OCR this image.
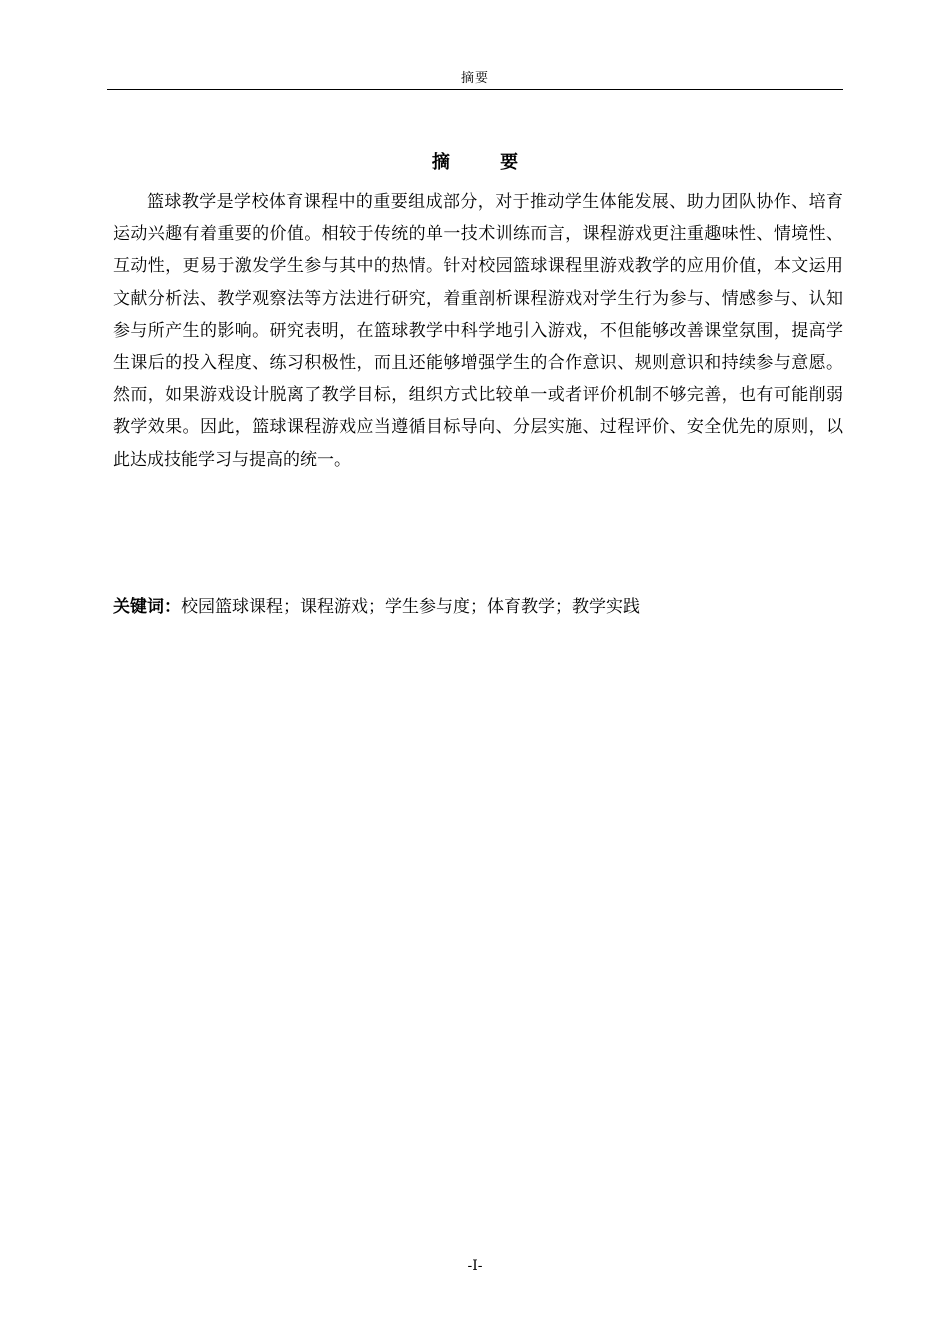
摘要
摘 要

篮球教学是学校体育课程中的重要组成部分，对于推动学生体能发展、助力团队协作、培育运动兴趣有着重要的价值。相较于传统的单一技术训练而言，课程游戏更注重趣味性、情境性、互动性，更易于激发学生参与其中的热情。针对校园篮球课程里游戏教学的应用价值，本文运用文献分析法、教学观察法等方法进行研究，着重剖析课程游戏对学生行为参与、情感参与、认知参与所产生的影响。研究表明，在篮球教学中科学地引入游戏，不但能够改善课堂氛围，提高学生课后的投入程度、练习积极性，而且还能够增强学生的合作意识、规则意识和持续参与意愿。然而，如果游戏设计脱离了教学目标，组织方式比较单一或者评价机制不够完善，也有可能削弱教学效果。因此，篮球课程游戏应当遵循目标导向、分层实施、过程评价、安全优先的原则，以此达成技能学习与提高的统一。

关键词：校园篮球课程；课程游戏；学生参与度；体育教学；教学实践

-I-
